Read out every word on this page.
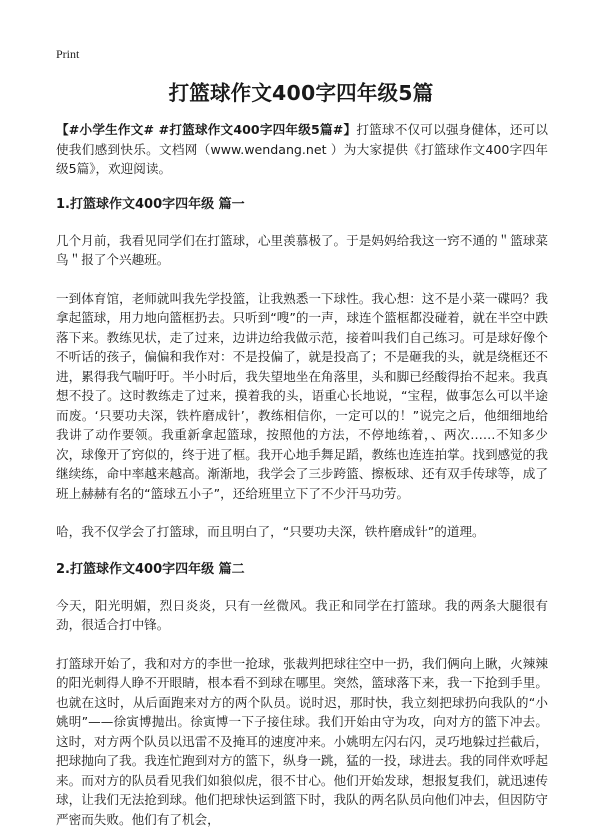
Print
打篮球作文400字四年级5篇

【#小学生作文# #打篮球作文400字四年级5篇#】打篮球不仅可以强身健体，还可以使我们感到快乐。文档网（www.wendang.net ）为大家提供《打篮球作文400字四年级5篇》，欢迎阅读。

1.打篮球作文400字四年级 篇一

几个月前，我看见同学们在打篮球，心里羡慕极了。于是妈妈给我这一窍不通的＂篮球菜鸟＂报了个兴趣班。

一到体育馆，老师就叫我先学投篮，让我熟悉一下球性。我心想：这不是小菜一碟吗？我拿起篮球，用力地向篮框扔去。只听到“嗖”的一声，球连个篮框都没碰着，就在半空中跌落下来。教练见状，走了过来，边讲边给我做示范，接着叫我们自己练习。可是球好像个不听话的孩子，偏偏和我作对：不是投偏了，就是投高了；不是砸我的头，就是绕框还不进，累得我气喘吁吁。半小时后，我失望地坐在角落里，头和脚已经酸得抬不起来。我真想不投了。这时教练走了过来，摸着我的头，语重心长地说，“宝程，做事怎么可以半途而废。‘只要功夫深，铁杵磨成针’，教练相信你，一定可以的！”说完之后，他细细地给我讲了动作要领。我重新拿起篮球，按照他的方法，不停地练着，、两次……不知多少次，球像开了窍似的，终于进了框。我开心地手舞足蹈，教练也连连拍掌。找到感觉的我继续练，命中率越来越高。渐渐地，我学会了三步跨篮、擦板球、还有双手传球等，成了班上赫赫有名的“篮球五小子”，还给班里立下了不少汗马功劳。

哈，我不仅学会了打篮球，而且明白了，“只要功夫深，铁杵磨成针”的道理。

2.打篮球作文400字四年级 篇二

今天，阳光明媚，烈日炎炎，只有一丝微风。我正和同学在打篮球。我的两条大腿很有劲，很适合打中锋。

打篮球开始了，我和对方的李世一抢球，张裁判把球往空中一扔，我们俩向上瞅，火辣辣的阳光刺得人睁不开眼睛，根本看不到球在哪里。突然，篮球落下来，我一下抢到手里。也就在这时，从后面跑来对方的两个队员。说时迟，那时快，我立刻把球扔向我队的“小姚明”——徐寅博抛出。徐寅博一下子接住球。我们开始由守为攻，向对方的篮下冲去。这时，对方两个队员以迅雷不及掩耳的速度冲来。小姚明左闪右闪，灵巧地躲过拦截后，把球抛向了我。我连忙跑到对方的篮下，纵身一跳，猛的一投，球进去。我的同伴欢呼起来。而对方的队员看见我们如狼似虎，很不甘心。他们开始发球，想报复我们，就迅速传球，让我们无法抢到球。他们把球快运到篮下时，我队的两名队员向他们冲去，但因防守严密而失败。他们有了机会，
